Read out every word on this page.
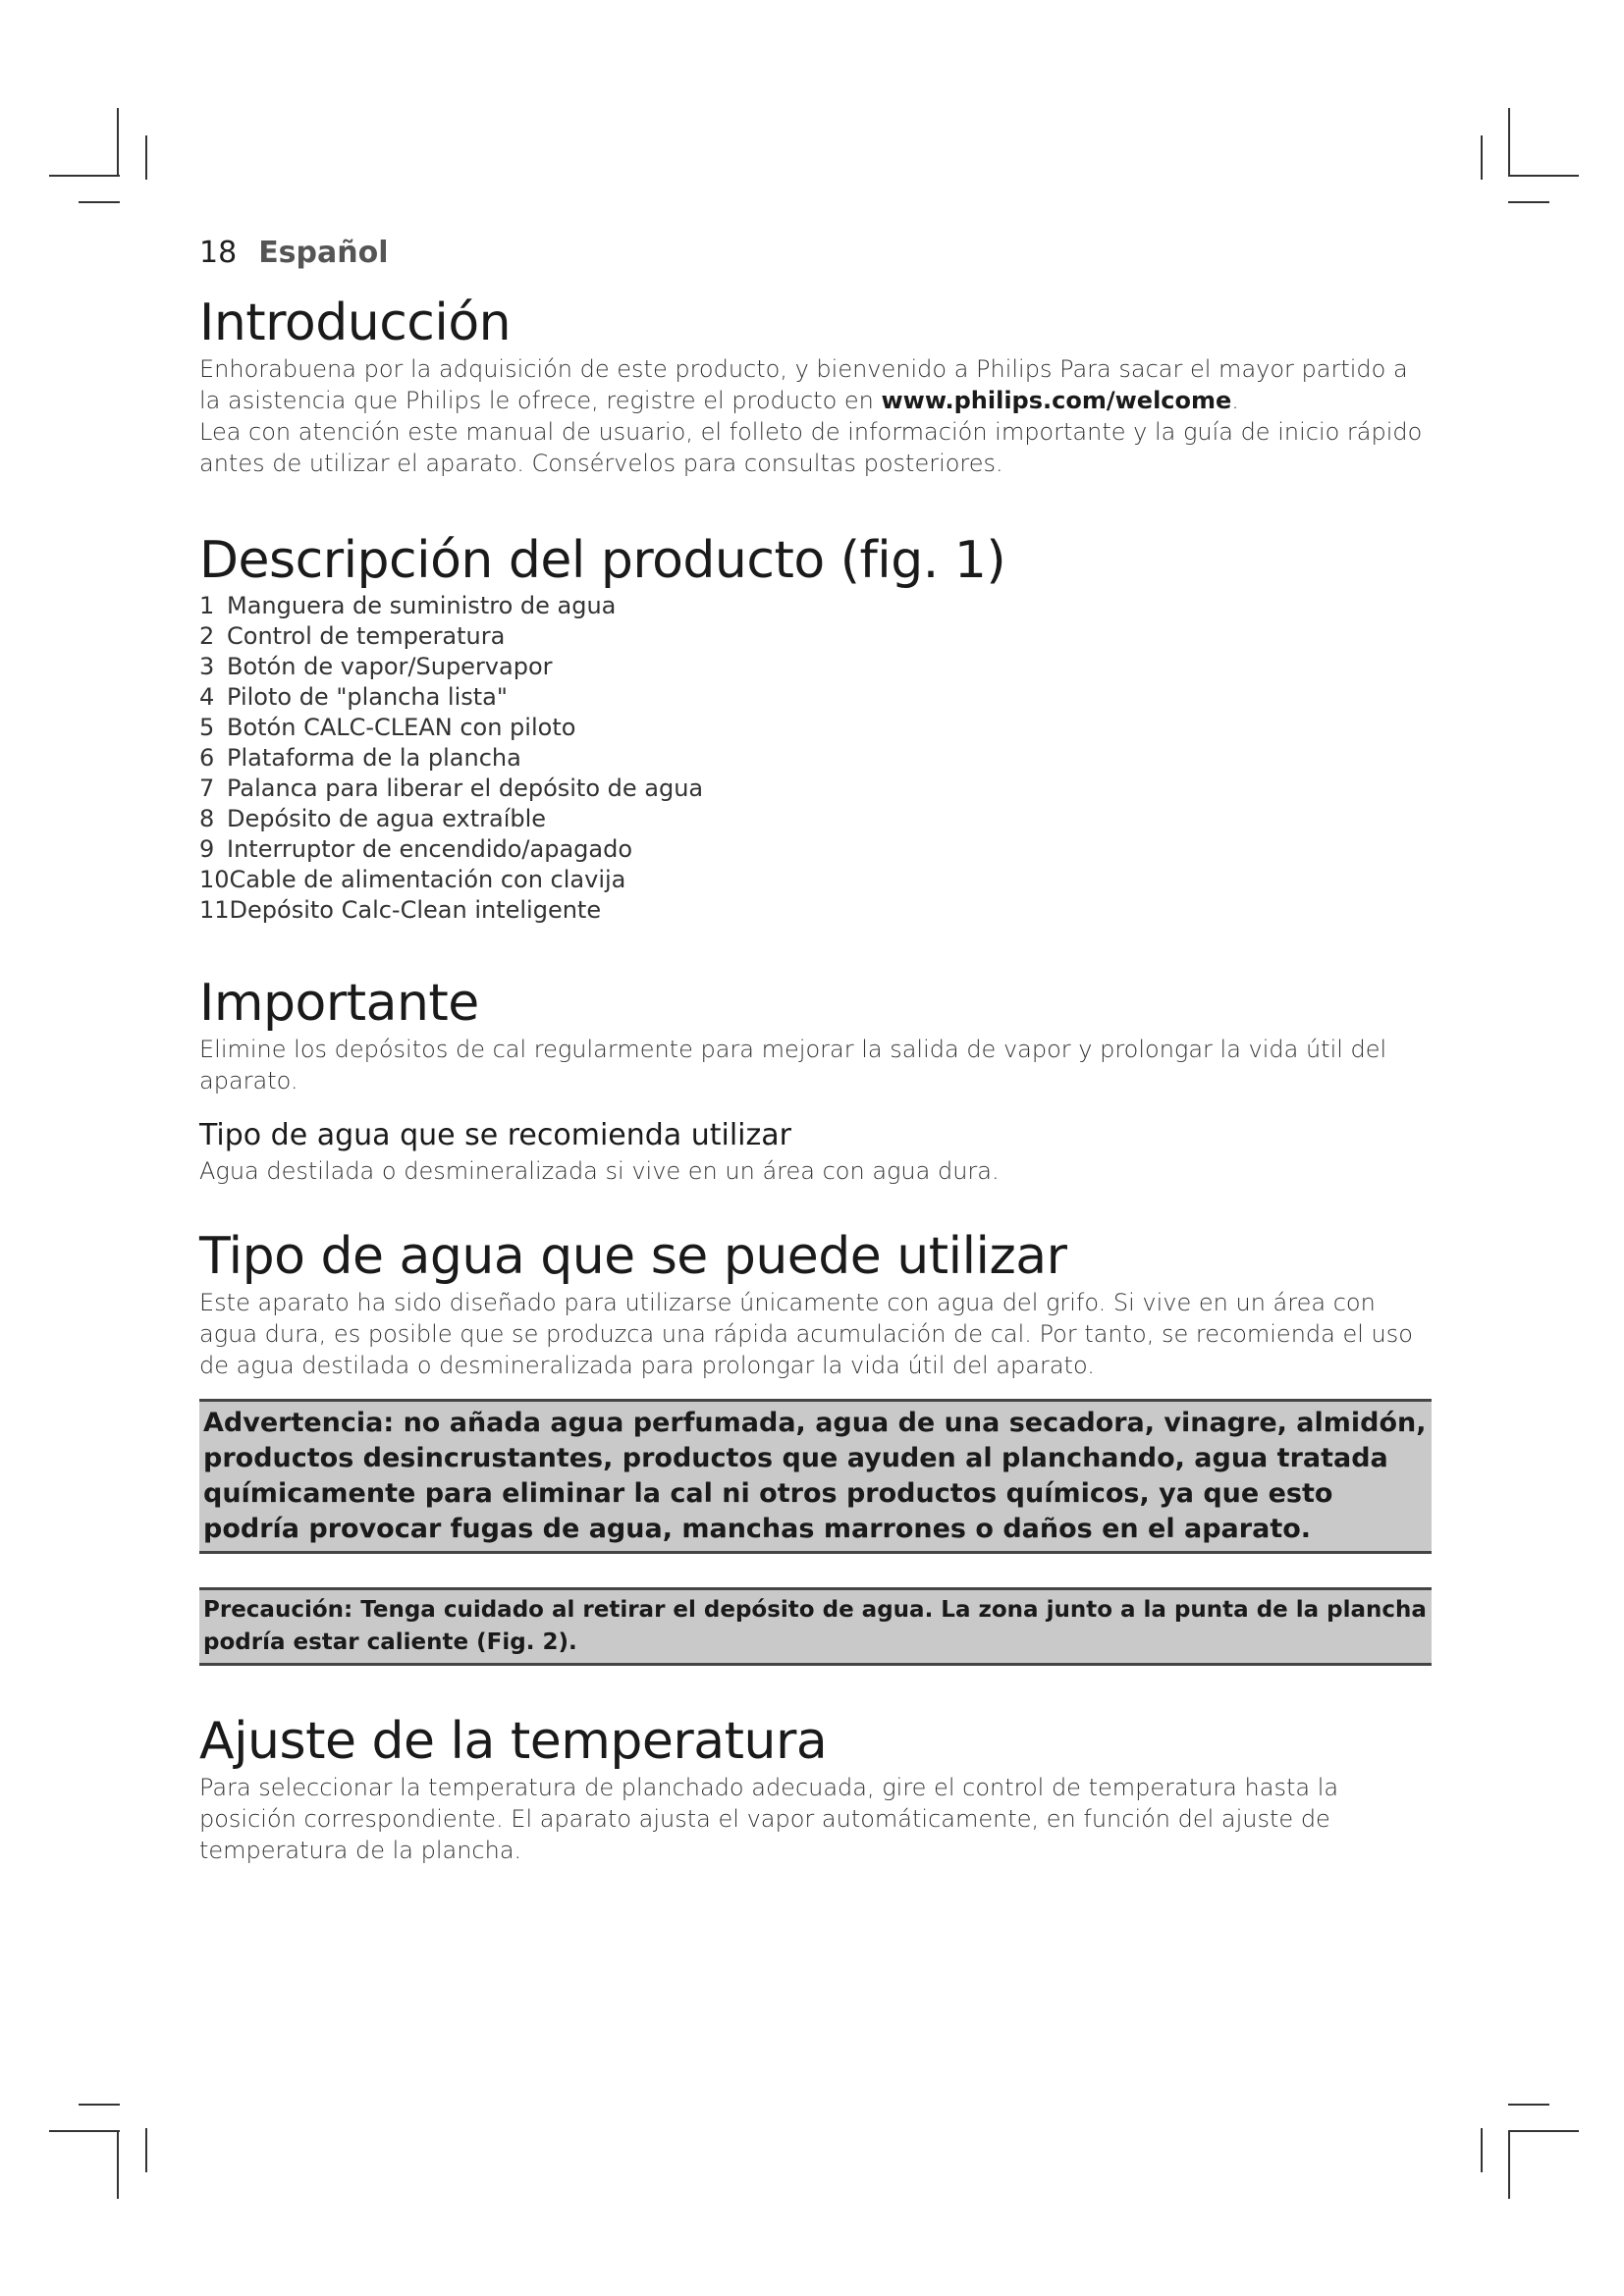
18 Español
Introducción

Enhorabuena por la adquisición de este producto, y bienvenido a Philips Para sacar el mayor partido a la asistencia que Philips le ofrece, registre el producto en www.philips.com/welcome.

Lea con atención este manual de usuario, el folleto de información importante y la guía de inicio rápido antes de utilizar el aparato. Consérvelos para consultas posteriores.

Descripción del producto (fig. 1)
1 Manguera de suministro de agua
2 Control de temperatura
3 Botón de vapor/Supervapor
4 Piloto de "plancha lista"
5 Botón CALC-CLEAN con piloto
6 Plataforma de la plancha
7 Palanca para liberar el depósito de agua
8 Depósito de agua extraíble
9 Interruptor de encendido/apagado
10Cable de alimentación con clavija
11Depósito Calc-Clean inteligente
Importante

Elimine los depósitos de cal regularmente para mejorar la salida de vapor y prolongar la vida útil del aparato.

Tipo de agua que se recomienda utilizar

Agua destilada o desmineralizada si vive en un área con agua dura.

Tipo de agua que se puede utilizar

Este aparato ha sido diseñado para utilizarse únicamente con agua del grifo. Si vive en un área con agua dura, es posible que se produzca una rápida acumulación de cal. Por tanto, se recomienda el uso de agua destilada o desmineralizada para prolongar la vida útil del aparato.

Advertencia: no añada agua perfumada, agua de una secadora, vinagre, almidón, productos desincrustantes, productos que ayuden al planchando, agua tratada químicamente para eliminar la cal ni otros productos químicos, ya que esto podría provocar fugas de agua, manchas marrones o daños en el aparato.

Precaución: Tenga cuidado al retirar el depósito de agua. La zona junto a la punta de la plancha podría estar caliente (Fig. 2).

Ajuste de la temperatura

Para seleccionar la temperatura de planchado adecuada, gire el control de temperatura hasta la posición correspondiente. El aparato ajusta el vapor automáticamente, en función del ajuste de temperatura de la plancha.
